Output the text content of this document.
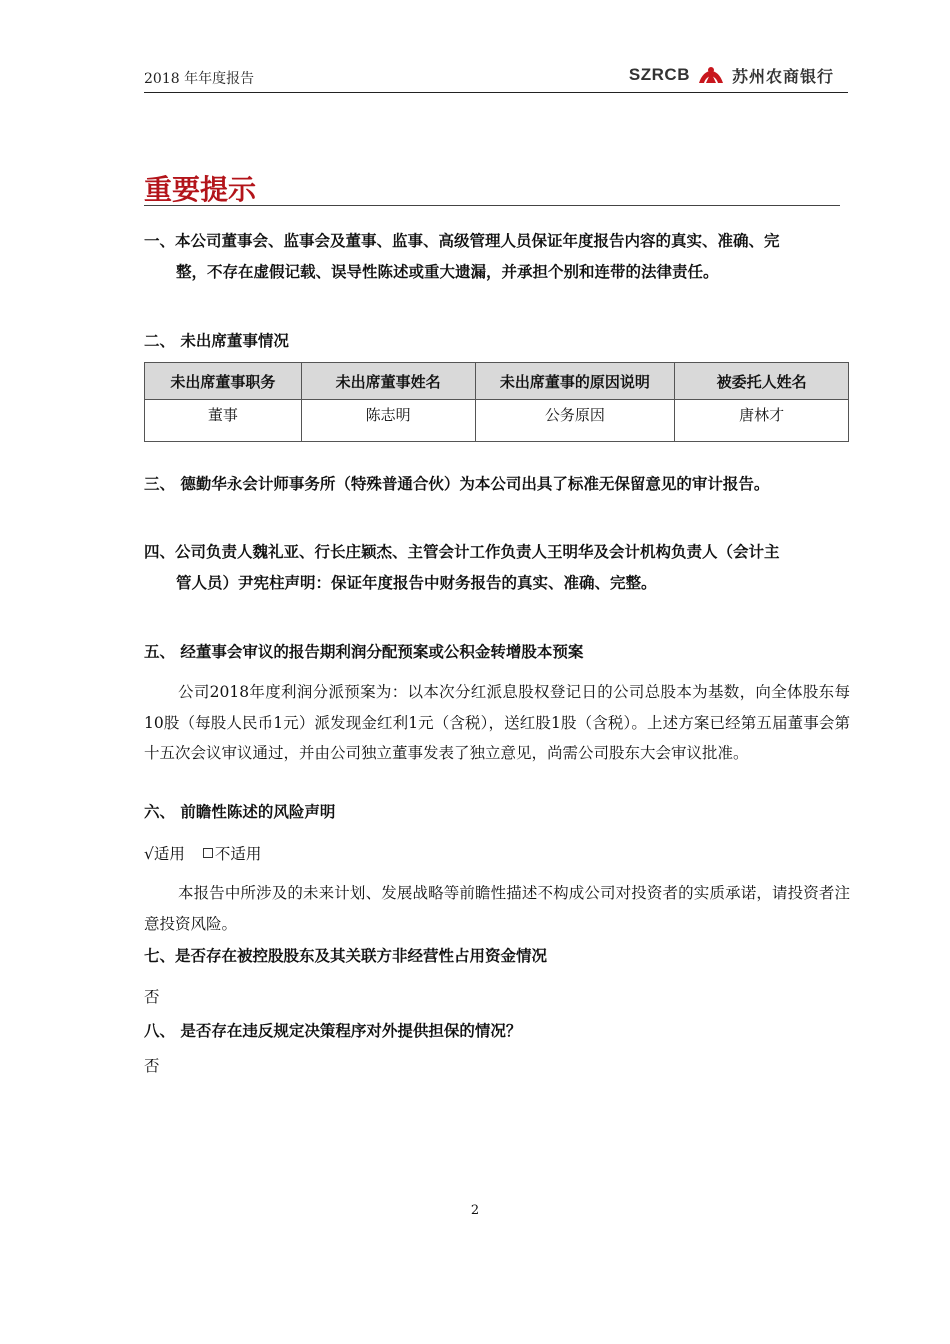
2018 年年度报告	SZRCB	苏州农商银行
重要提示
一、本公司董事会、监事会及董事、监事、高级管理人员保证年度报告内容的真实、准确、完
整，不存在虚假记载、误导性陈述或重大遗漏，并承担个别和连带的法律责任。
二、 未出席董事情况
未出席董事职务	未出席董事姓名	未出席董事的原因说明	被委托人姓名
董事	陈志明	公务原因	唐林才
三、 德勤华永会计师事务所（特殊普通合伙）为本公司出具了标准无保留意见的审计报告。
四、公司负责人魏礼亚、行长庄颖杰、主管会计工作负责人王明华及会计机构负责人（会计主
管人员）尹宪柱声明：保证年度报告中财务报告的真实、准确、完整。
五、 经董事会审议的报告期利润分配预案或公积金转增股本预案
公司2018年度利润分派预案为：以本次分红派息股权登记日的公司总股本为基数，向全体股东每10股（每股人民币1元）派发现金红利1元（含税），送红股1股（含税）。上述方案已经第五届董事会第十五次会议审议通过，并由公司独立董事发表了独立意见，尚需公司股东大会审议批准。
六、 前瞻性陈述的风险声明
√适用 不适用
本报告中所涉及的未来计划、发展战略等前瞻性描述不构成公司对投资者的实质承诺，请投资者注意投资风险。
七、是否存在被控股股东及其关联方非经营性占用资金情况
否
八、 是否存在违反规定决策程序对外提供担保的情况？
否
2
